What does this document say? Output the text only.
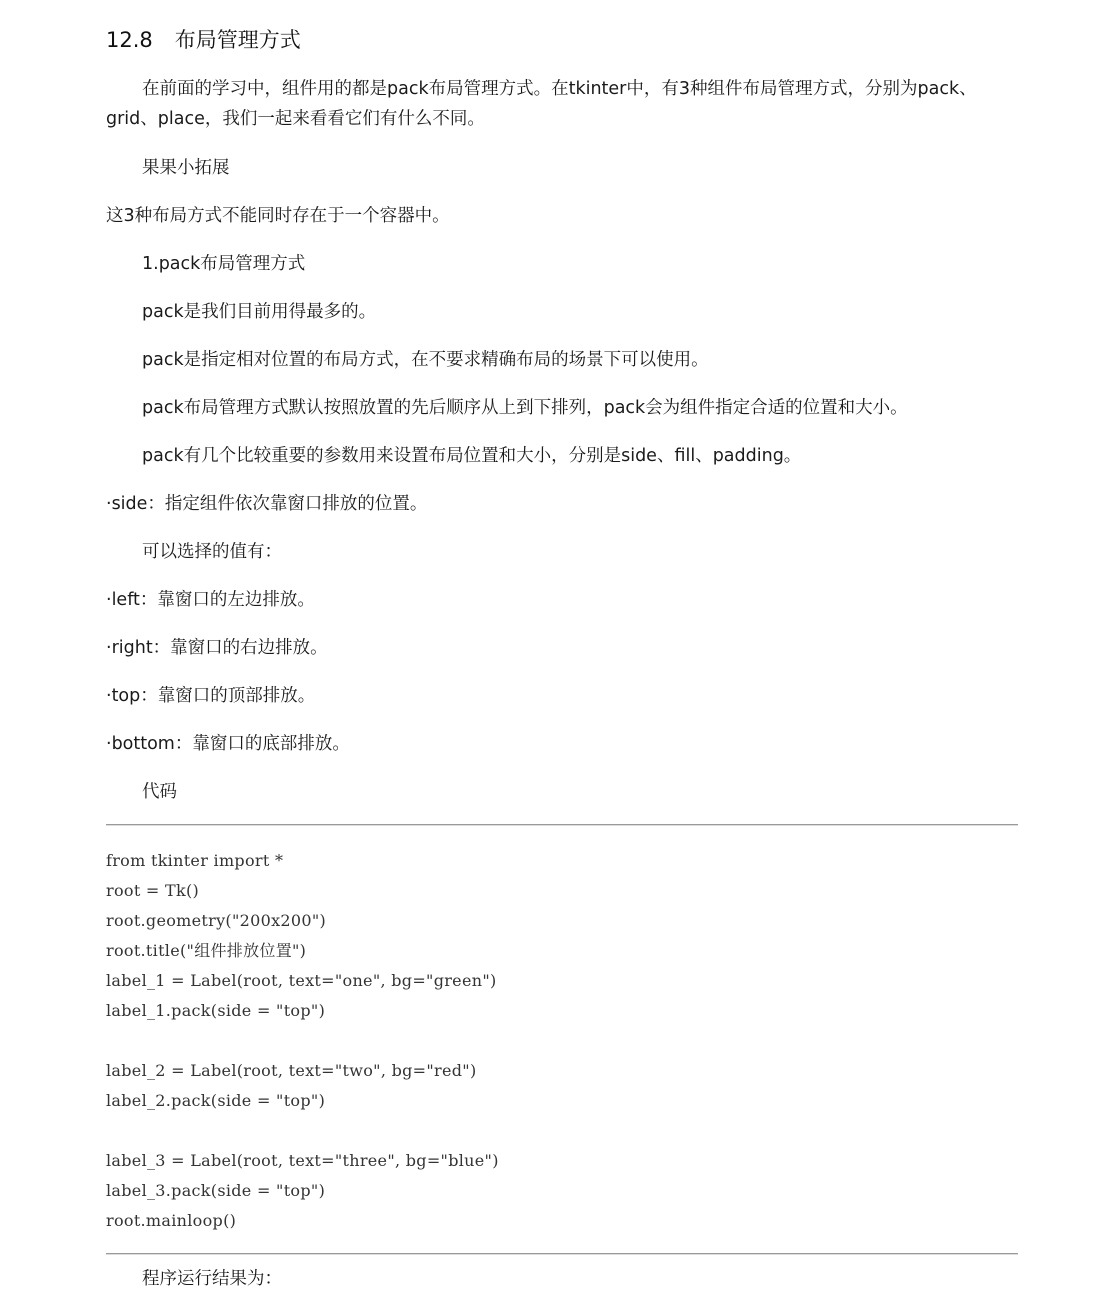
12.8 布局管理方式
在前面的学习中，组件用的都是pack布局管理方式。在tkinter中，有3种组件布局管理方式，分别为pack、grid、place，我们一起来看看它们有什么不同。
果果小拓展
这3种布局方式不能同时存在于一个容器中。
1.pack布局管理方式
pack是我们目前用得最多的。
pack是指定相对位置的布局方式，在不要求精确布局的场景下可以使用。
pack布局管理方式默认按照放置的先后顺序从上到下排列，pack会为组件指定合适的位置和大小。
pack有几个比较重要的参数用来设置布局位置和大小，分别是side、fill、padding。
·side：指定组件依次靠窗口排放的位置。
可以选择的值有：
·left：靠窗口的左边排放。
·right：靠窗口的右边排放。
·top：靠窗口的顶部排放。
·bottom：靠窗口的底部排放。
代码
from tkinter import *
root = Tk()
root.geometry("200x200")
root.title("组件排放位置")
label_1 = Label(root, text="one", bg="green")
label_1.pack(side = "top")
label_2 = Label(root, text="two", bg="red")
label_2.pack(side = "top")
label_3 = Label(root, text="three", bg="blue")
label_3.pack(side = "top")
root.mainloop()
程序运行结果为：
